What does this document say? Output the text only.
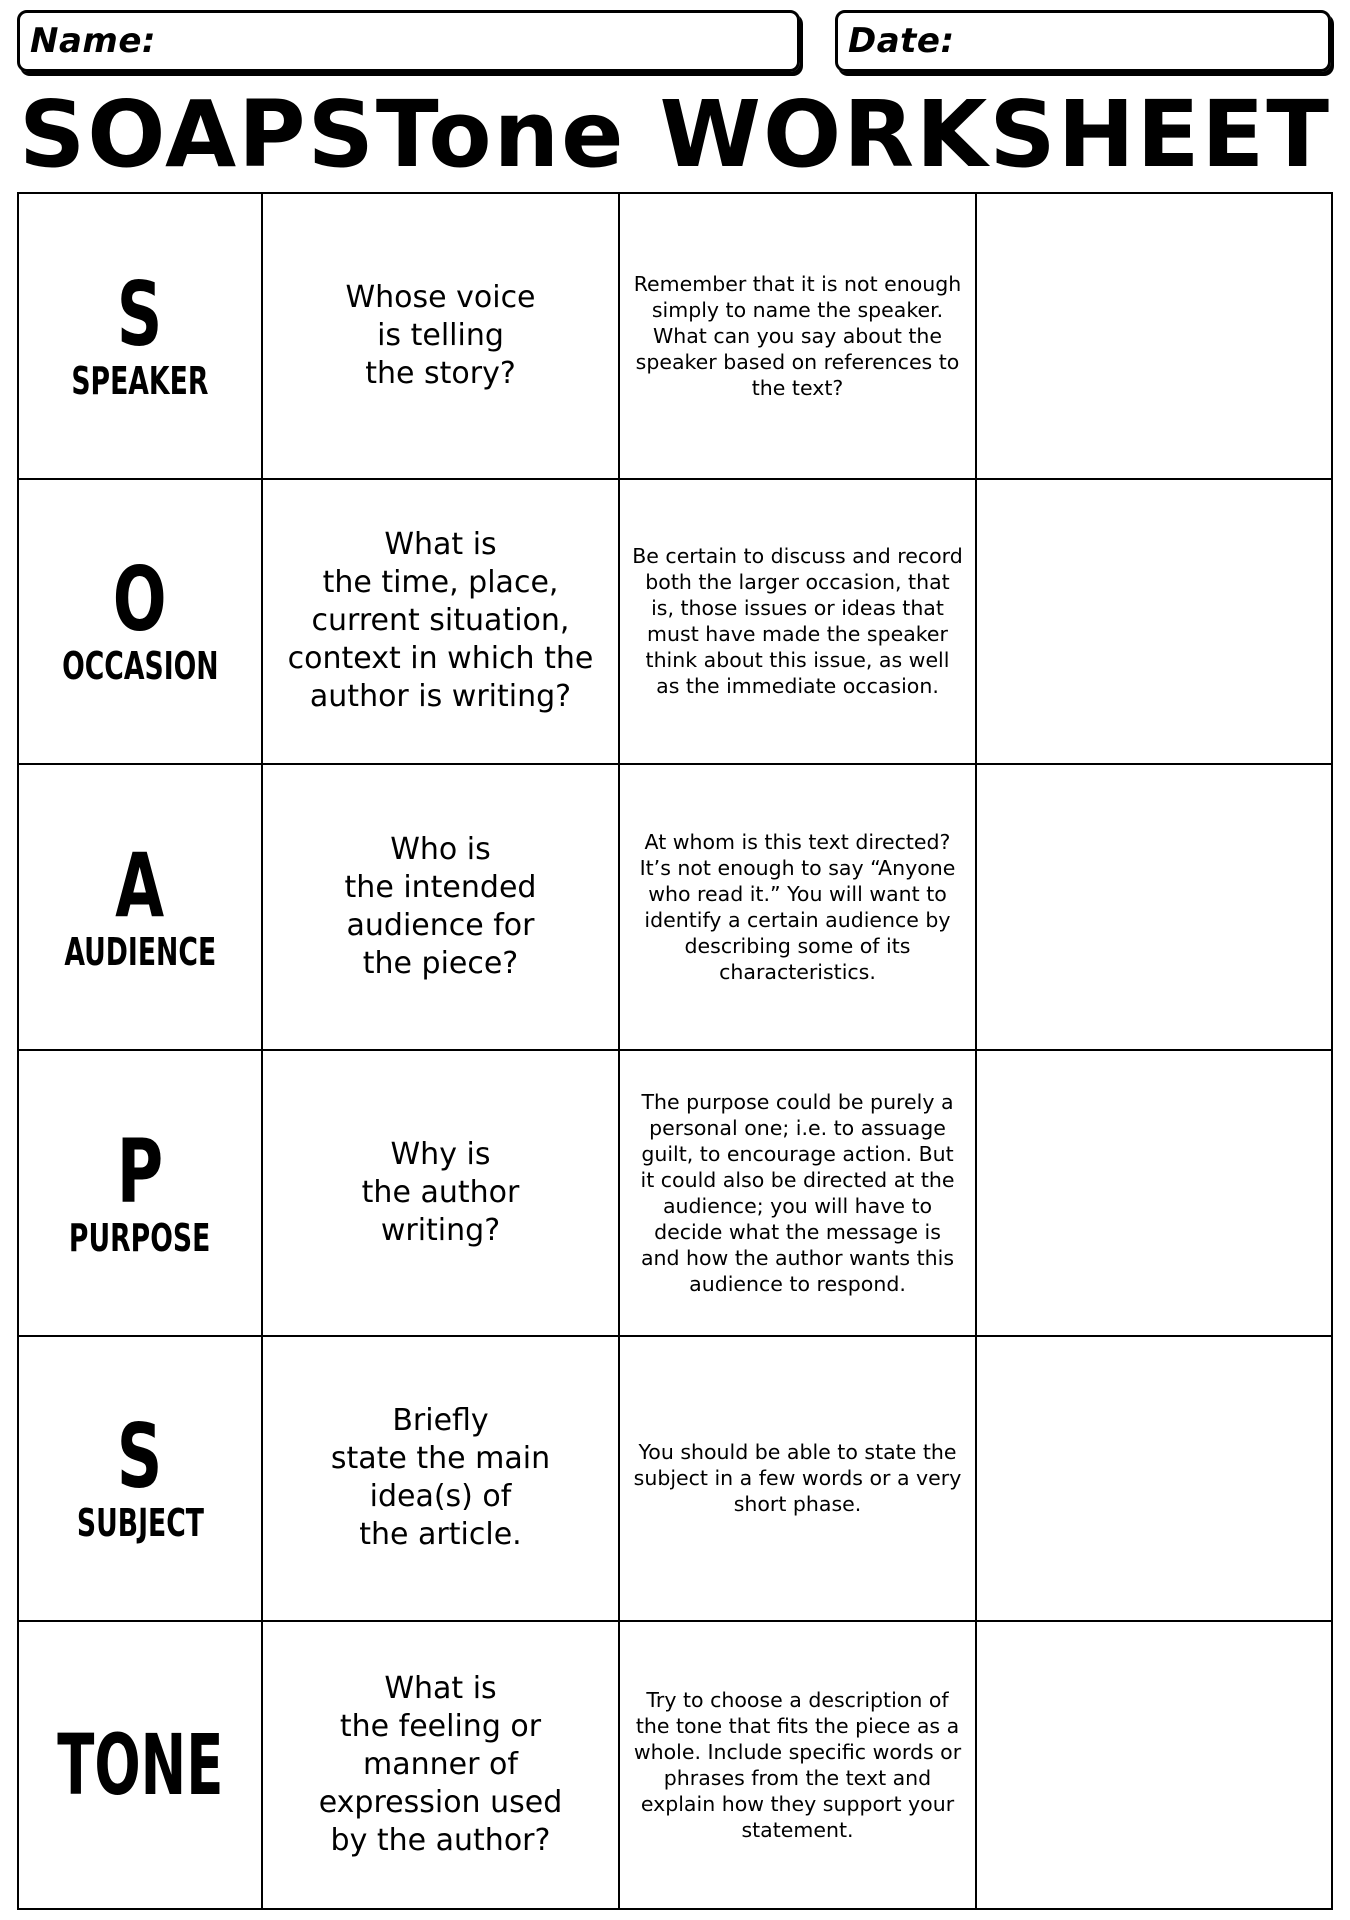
Name:	Date:
SOAPSTone WORKSHEET
S
SPEAKER
Whose voice
is telling
the story?
Remember that it is not enough simply to name the speaker. What can you say about the speaker based on references to the text?
O
OCCASION
What is
the time, place,
current situation,
context in which the
author is writing?
Be certain to discuss and record both the larger occasion, that is, those issues or ideas that must have made the speaker think about this issue, as well as the immediate occasion.
A
AUDIENCE
Who is
the intended
audience for
the piece?
At whom is this text directed? It’s not enough to say “Anyone who read it.” You will want to identify a certain audience by describing some of its characteristics.
P
PURPOSE
Why is
the author
writing?
The purpose could be purely a personal one; i.e. to assuage guilt, to encourage action. But it could also be directed at the audience; you will have to decide what the message is and how the author wants this audience to respond.
S
SUBJECT
Briefly
state the main
idea(s) of
the article.
You should be able to state the subject in a few words or a very short phase.
TONE
What is
the feeling or
manner of
expression used
by the author?
Try to choose a description of the tone that fits the piece as a whole. Include specific words or phrases from the text and explain how they support your statement.
